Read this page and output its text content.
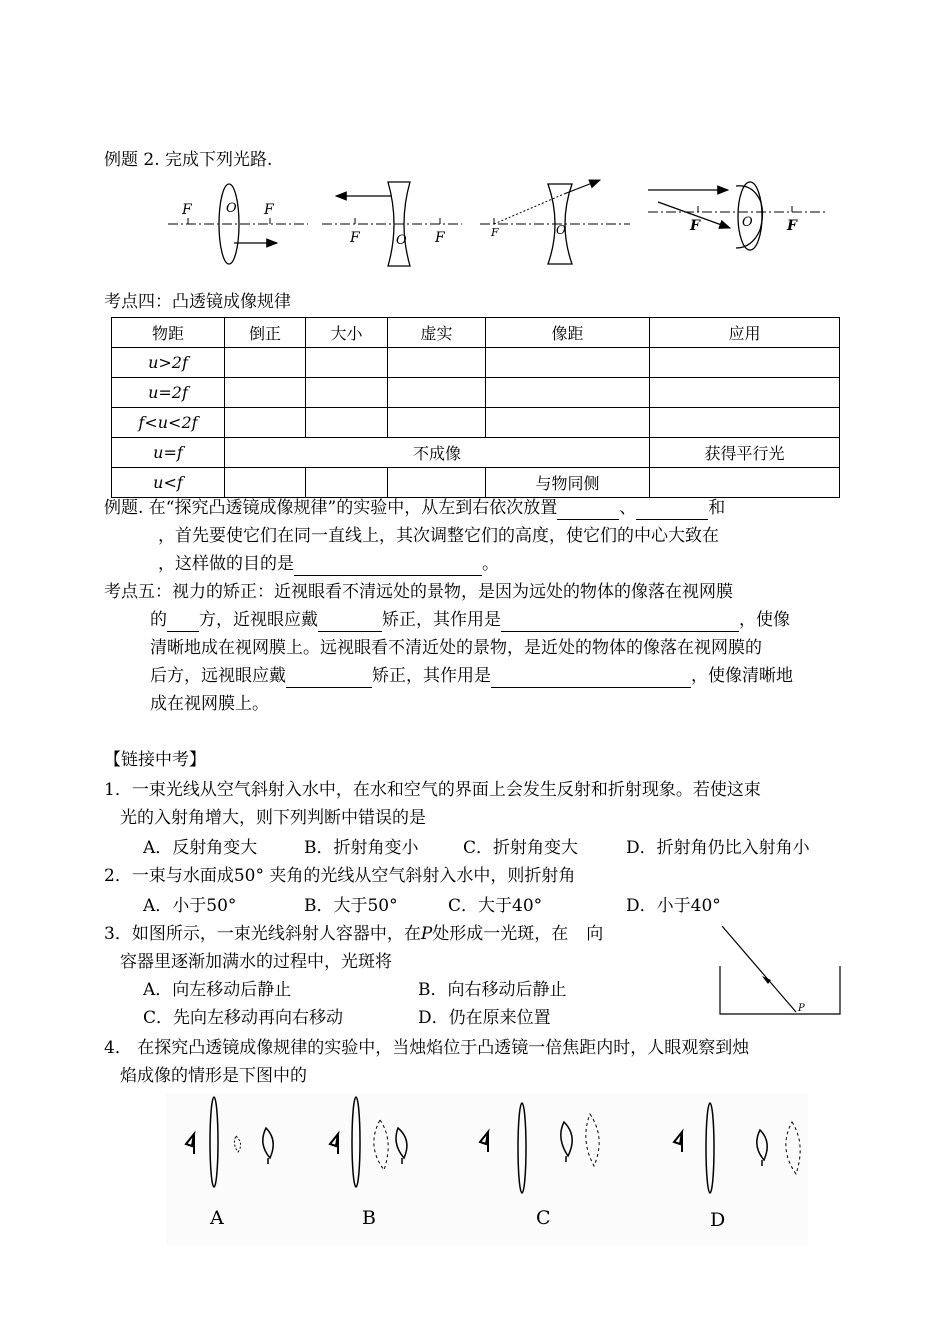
例题 2. 完成下列光路.
F	F
O
F	F
O
F	O	F	F
O
考点四：凸透镜成像规律
物距	倒正	大小	虚实	像距	应用
u>2f					
u=2f					
f<u<2f					
u=f	不成像				获得平行光
u<f				与物同侧	
例题. 在“探究凸透镜成像规律”的实验中，从左到右依次放置	、	和
，首先要使它们在同一直线上，其次调整它们的高度，使它们的中心大致在
，这样做的目的是	。
考点五：视力的矫正：近视眼看不清远处的景物，是因为远处的物体的像落在视网膜
的 方，近视眼应戴	矫正，其作用是	，使像
清晰地成在视网膜上。远视眼看不清近处的景物，是近处的物体的像落在视网膜的
后方，远视眼应戴	矫正，其作用是	，使像清晰地
成在视网膜上。
【链接中考】
1．一束光线从空气斜射入水中，在水和空气的界面上会发生反射和折射现象。若使这束
光的入射角增大，则下列判断中错误的是
A．反射角变大	B．折射角变小	C．折射角变大	D．折射角仍比入射角小
2．一束与水面成50° 夹角的光线从空气斜射入水中，则折射角
A．小于50°	B．大于50°	C．大于40°	D．小于40°
3．如图所示，一束光线斜射人容器中，在P处形成一光斑，在 向
容器里逐渐加满水的过程中，光斑将
A．向左移动后静止	B．向右移动后静止
C．先向左移动再向右移动	D．仍在原来位置	P
4． 在探究凸透镜成像规律的实验中，当烛焰位于凸透镜一倍焦距内时，人眼观察到烛
焰成像的情形是下图中的
A	B	C	D
